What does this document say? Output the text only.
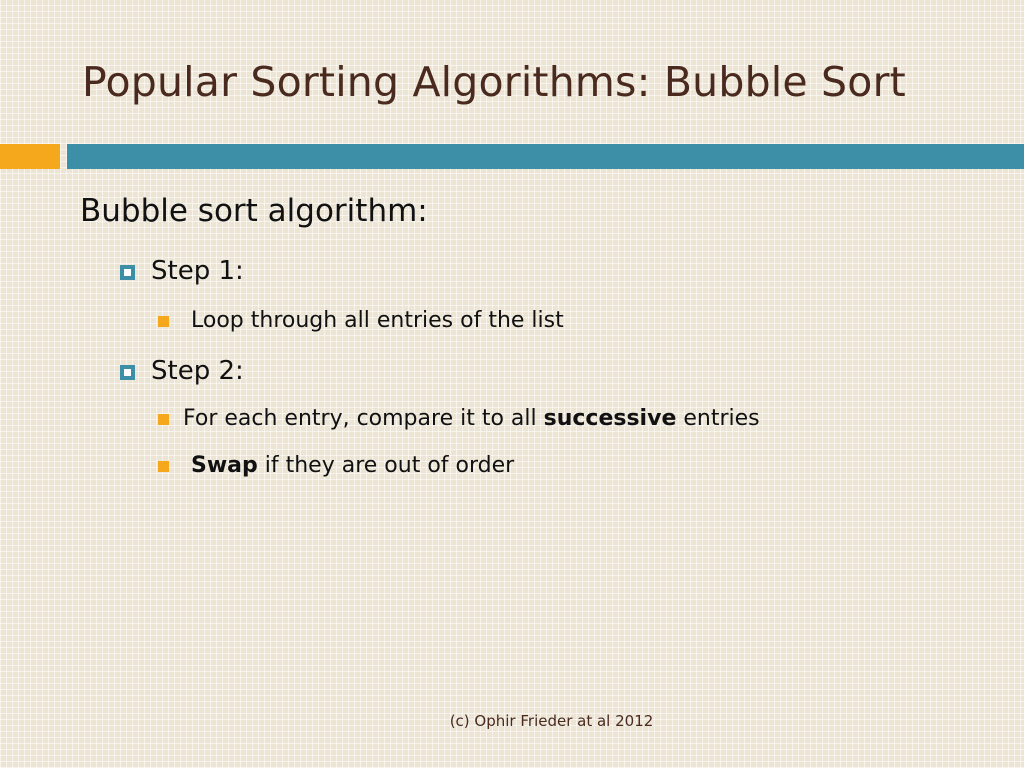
Popular Sorting Algorithms: Bubble Sort
Bubble sort algorithm:
Step 1:
Loop through all entries of the list
Step 2:
For each entry, compare it to all successive entries
Swap if they are out of order
(c) Ophir Frieder at al 2012
